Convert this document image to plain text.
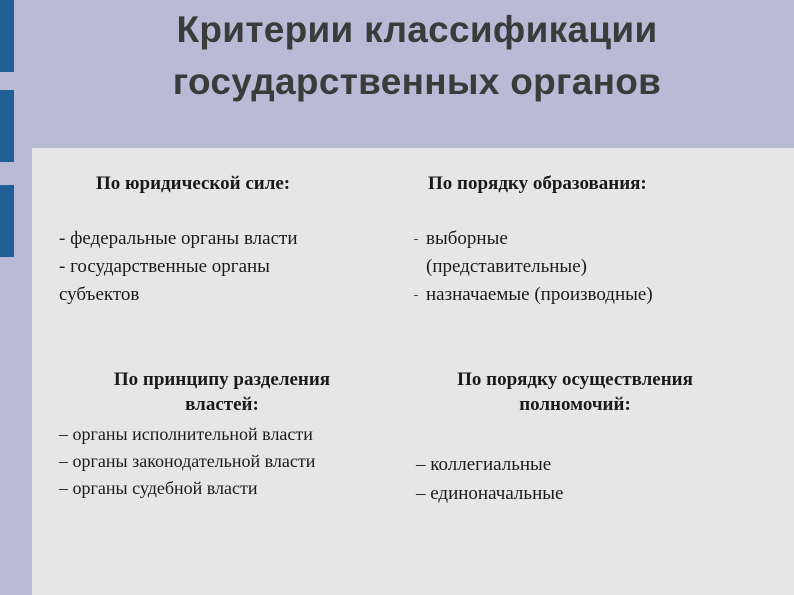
Критерии классификации
государственных органов
По юридической силе:
- федеральные органы власти
- государственные органы
субъектов
По порядку образования:
выборные
(представительные)
назначаемые (производные)
По принципу разделения
властей:
– органы исполнительной власти
– органы законодательной власти
– органы судебной власти
По порядку осуществления
полномочий:
– коллегиальные
– единоначальные
